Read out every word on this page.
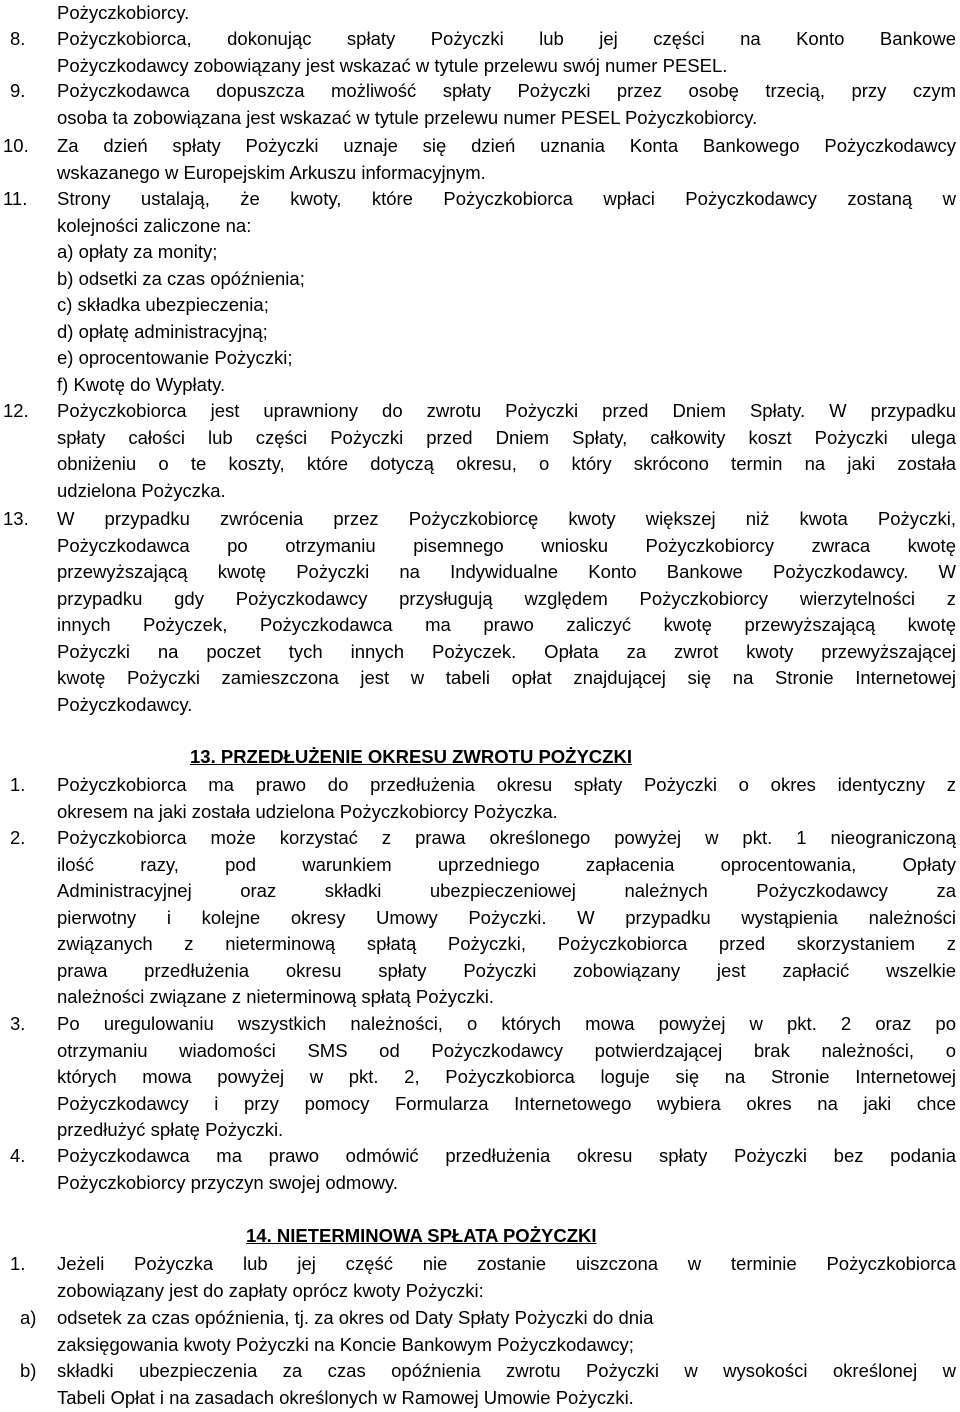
Pożyczkobiorcy.
8. Pożyczkobiorca, dokonując spłaty Pożyczki lub jej części na Konto Bankowe
Pożyczkodawcy zobowiązany jest wskazać w tytule przelewu swój numer PESEL.
9. Pożyczkodawca dopuszcza możliwość spłaty Pożyczki przez osobę trzecią, przy czym
osoba ta zobowiązana jest wskazać w tytule przelewu numer PESEL Pożyczkobiorcy.
10. Za dzień spłaty Pożyczki uznaje się dzień uznania Konta Bankowego Pożyczkodawcy
wskazanego w Europejskim Arkuszu informacyjnym.
11. Strony ustalają, że kwoty, które Pożyczkobiorca wpłaci Pożyczkodawcy zostaną w
kolejności zaliczone na:
a) opłaty za monity;
b) odsetki za czas opóźnienia;
c) składka ubezpieczenia;
d) opłatę administracyjną;
e) oprocentowanie Pożyczki;
f) Kwotę do Wypłaty.
12. Pożyczkobiorca jest uprawniony do zwrotu Pożyczki przed Dniem Spłaty. W przypadku
spłaty całości lub części Pożyczki przed Dniem Spłaty, całkowity koszt Pożyczki ulega
obniżeniu o te koszty, które dotyczą okresu, o który skrócono termin na jaki została
udzielona Pożyczka.
13. W przypadku zwrócenia przez Pożyczkobiorcę kwoty większej niż kwota Pożyczki,
Pożyczkodawca po otrzymaniu pisemnego wniosku Pożyczkobiorcy zwraca kwotę
przewyższającą kwotę Pożyczki na Indywidualne Konto Bankowe Pożyczkodawcy. W
przypadku gdy Pożyczkodawcy przysługują względem Pożyczkobiorcy wierzytelności z
innych Pożyczek, Pożyczkodawca ma prawo zaliczyć kwotę przewyższającą kwotę
Pożyczki na poczet tych innych Pożyczek. Opłata za zwrot kwoty przewyższającej
kwotę Pożyczki zamieszczona jest w tabeli opłat znajdującej się na Stronie Internetowej
Pożyczkodawcy.
13. PRZEDŁUŻENIE OKRESU ZWROTU POŻYCZKI
1. Pożyczkobiorca ma prawo do przedłużenia okresu spłaty Pożyczki o okres identyczny z
okresem na jaki została udzielona Pożyczkobiorcy Pożyczka.
2. Pożyczkobiorca może korzystać z prawa określonego powyżej w pkt. 1 nieograniczoną
ilość razy, pod warunkiem uprzedniego zapłacenia oprocentowania, Opłaty
Administracyjnej oraz składki ubezpieczeniowej należnych Pożyczkodawcy za
pierwotny i kolejne okresy Umowy Pożyczki. W przypadku wystąpienia należności
związanych z nieterminową spłatą Pożyczki, Pożyczkobiorca przed skorzystaniem z
prawa przedłużenia okresu spłaty Pożyczki zobowiązany jest zapłacić wszelkie
należności związane z nieterminową spłatą Pożyczki.
3. Po uregulowaniu wszystkich należności, o których mowa powyżej w pkt. 2 oraz po
otrzymaniu wiadomości SMS od Pożyczkodawcy potwierdzającej brak należności, o
których mowa powyżej w pkt. 2, Pożyczkobiorca loguje się na Stronie Internetowej
Pożyczkodawcy i przy pomocy Formularza Internetowego wybiera okres na jaki chce
przedłużyć spłatę Pożyczki.
4. Pożyczkodawca ma prawo odmówić przedłużenia okresu spłaty Pożyczki bez podania
Pożyczkobiorcy przyczyn swojej odmowy.
14. NIETERMINOWA SPŁATA POŻYCZKI
1. Jeżeli Pożyczka lub jej część nie zostanie uiszczona w terminie Pożyczkobiorca
zobowiązany jest do zapłaty oprócz kwoty Pożyczki:
a) odsetek za czas opóźnienia, tj. za okres od Daty Spłaty Pożyczki do dnia
zaksięgowania kwoty Pożyczki na Koncie Bankowym Pożyczkodawcy;
b) składki ubezpieczenia za czas opóźnienia zwrotu Pożyczki w wysokości określonej w
Tabeli Opłat i na zasadach określonych w Ramowej Umowie Pożyczki.
